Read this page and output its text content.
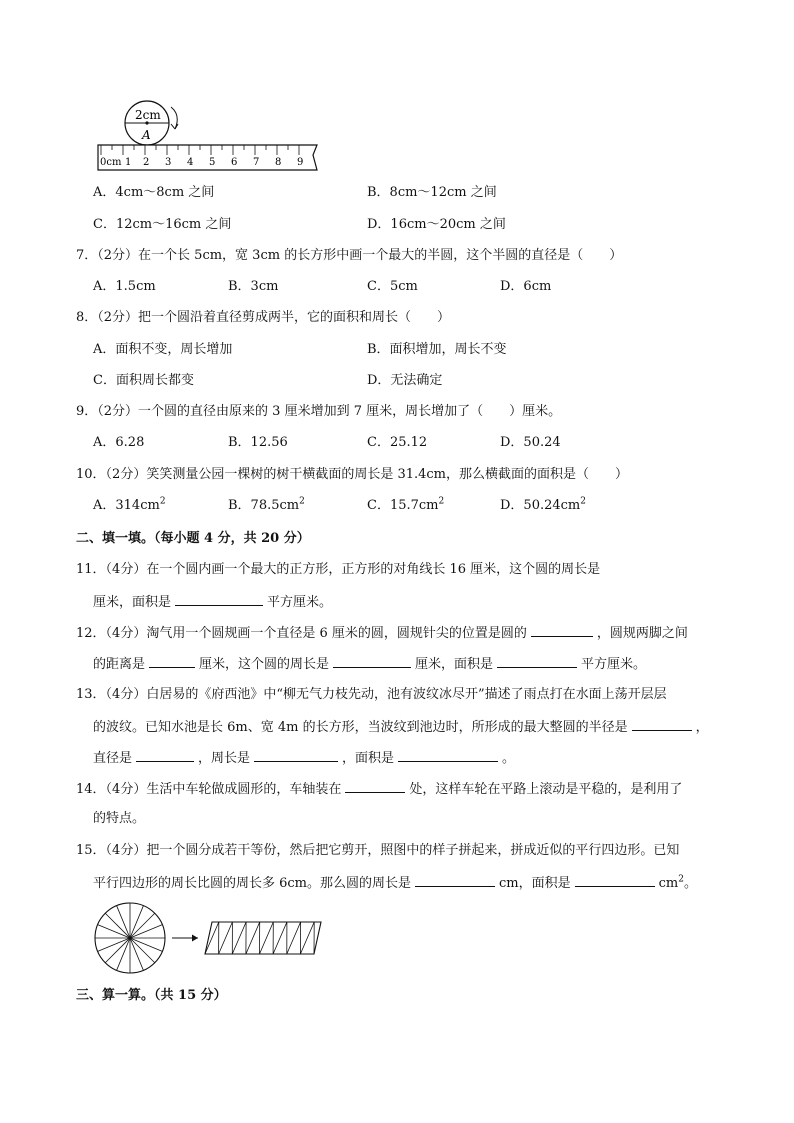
2cm
A
0cm 1 2 3 4 5 6 7 8 9
A．4cm～8cm 之间	B．8cm～12cm 之间
C．12cm～16cm 之间	D．16cm～20cm 之间
7．（2分）在一个长 5cm，宽 3cm 的长方形中画一个最大的半圆，这个半圆的直径是（　　）
A．1.5cm	B．3cm	C．5cm	D．6cm
8．（2分）把一个圆沿着直径剪成两半，它的面积和周长（　　）
A．面积不变，周长增加	B．面积增加，周长不变
C．面积周长都变	D．无法确定
9．（2分）一个圆的直径由原来的 3 厘米增加到 7 厘米，周长增加了（　　）厘米。
A．6.28	B．12.56	C．25.12	D．50.24
10．（2分）笑笑测量公园一棵树的树干横截面的周长是 31.4cm，那么横截面的面积是（　　）
A．$314cm^2$	B．$78.5cm^2$	C．$15.7cm^2$	D．$50.24cm^2$
二、填一填。（每小题 4 分，共 20 分）
11．（4分）在一个圆内画一个最大的正方形，正方形的对角线长 16 厘米，这个圆的周长是
厘米，面积是	平方厘米。
12．（4分）淘气用一个圆规画一个直径是 6 厘米的圆，圆规针尖的位置是圆的	，圆规两脚之间
的距离是	厘米，这个圆的周长是	厘米，面积是	平方厘米。
13．（4分）白居易的《府西池》中“柳无气力枝先动，池有波纹冰尽开”描述了雨点打在水面上荡开层层
的波纹。已知水池是长 6m、宽 4m 的长方形，当波纹到池边时，所形成的最大整圆的半径是	，
直径是	，周长是	，面积是	。
14．（4分）生活中车轮做成圆形的，车轴装在	处，这样车轮在平路上滚动是平稳的，是利用了
的特点。
15．（4分）把一个圆分成若干等份，然后把它剪开，照图中的样子拼起来，拼成近似的平行四边形。已知
平行四边形的周长比圆的周长多 6cm。那么圆的周长是	cm，面积是	$cm^2$。
三、算一算。（共 15 分）
